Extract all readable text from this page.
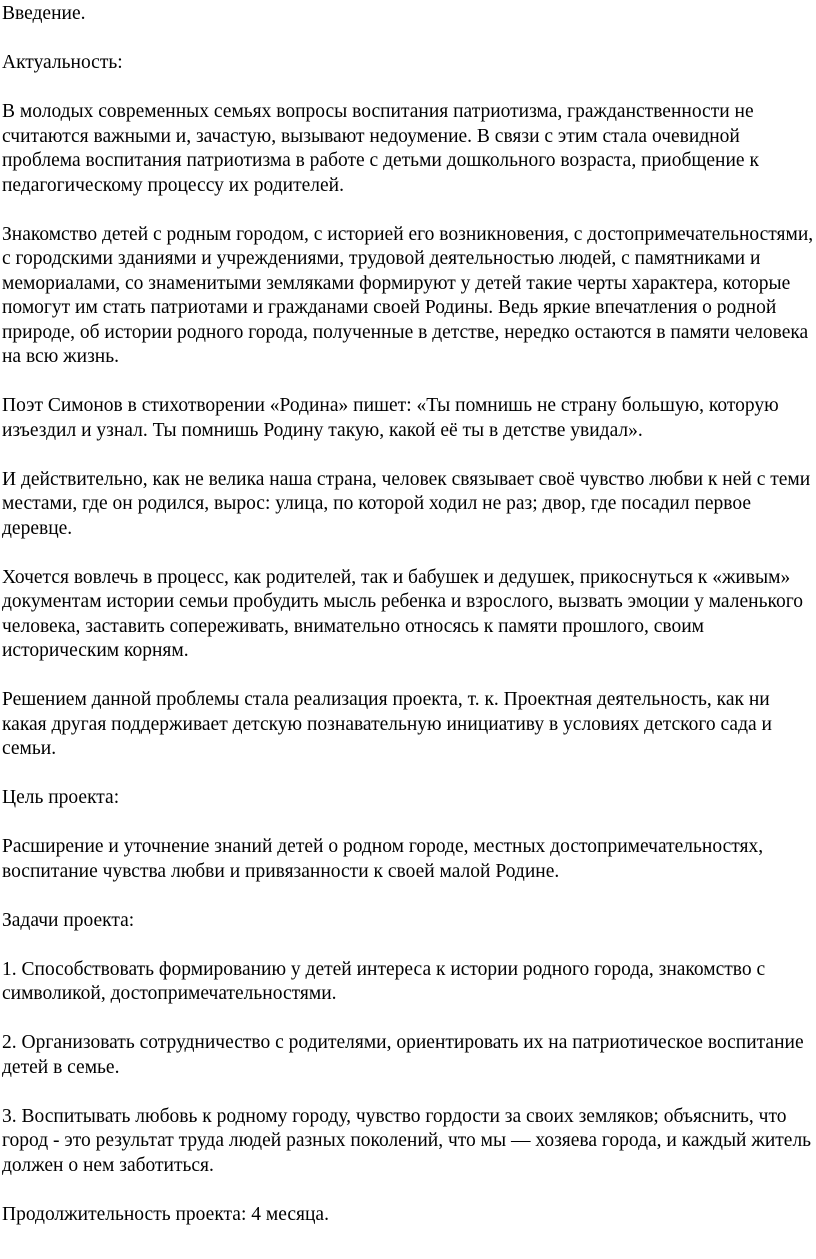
Введение.

Актуальность:

В молодых современных семьях вопросы воспитания патриотизма, гражданственности не считаются важными и, зачастую, вызывают недоумение. В связи с этим стала очевидной проблема воспитания патриотизма в работе с детьми дошкольного возраста, приобщение к педагогическому процессу их родителей.

Знакомство детей с родным городом, с историей его возникновения, с достопримечательностями, с городскими зданиями и учреждениями, трудовой деятельностью людей, с памятниками и мемориалами, со знаменитыми земляками формируют у детей такие черты характера, которые помогут им стать патриотами и гражданами своей Родины. Ведь яркие впечатления о родной природе, об истории родного города, полученные в детстве, нередко остаются в памяти человека на всю жизнь.

Поэт Симонов в стихотворении «Родина» пишет: «Ты помнишь не страну большую, которую изъездил и узнал. Ты помнишь Родину такую, какой её ты в детстве увидал».

И действительно, как не велика наша страна, человек связывает своё чувство любви к ней с теми местами, где он родился, вырос: улица, по которой ходил не раз; двор, где посадил первое деревце.

Хочется вовлечь в процесс, как родителей, так и бабушек и дедушек, прикоснуться к «живым» документам истории семьи пробудить мысль ребенка и взрослого, вызвать эмоции у маленького человека, заставить сопереживать, внимательно относясь к памяти прошлого, своим историческим корням.

Решением данной проблемы стала реализация проекта, т. к. Проектная деятельность, как ни какая другая поддерживает детскую познавательную инициативу в условиях детского сада и семьи.

Цель проекта:

Расширение и уточнение знаний детей о родном городе, местных достопримечательностях, воспитание чувства любви и привязанности к своей малой Родине.

Задачи проекта:

1. Способствовать формированию у детей интереса к истории родного города, знакомство с символикой, достопримечательностями.

2. Организовать сотрудничество с родителями, ориентировать их на патриотическое воспитание детей в семье.

3. Воспитывать любовь к родному городу, чувство гордости за своих земляков; объяснить, что город - это результат труда людей разных поколений, что мы — хозяева города, и каждый житель должен о нем заботиться.

Продолжительность проекта: 4 месяца.
